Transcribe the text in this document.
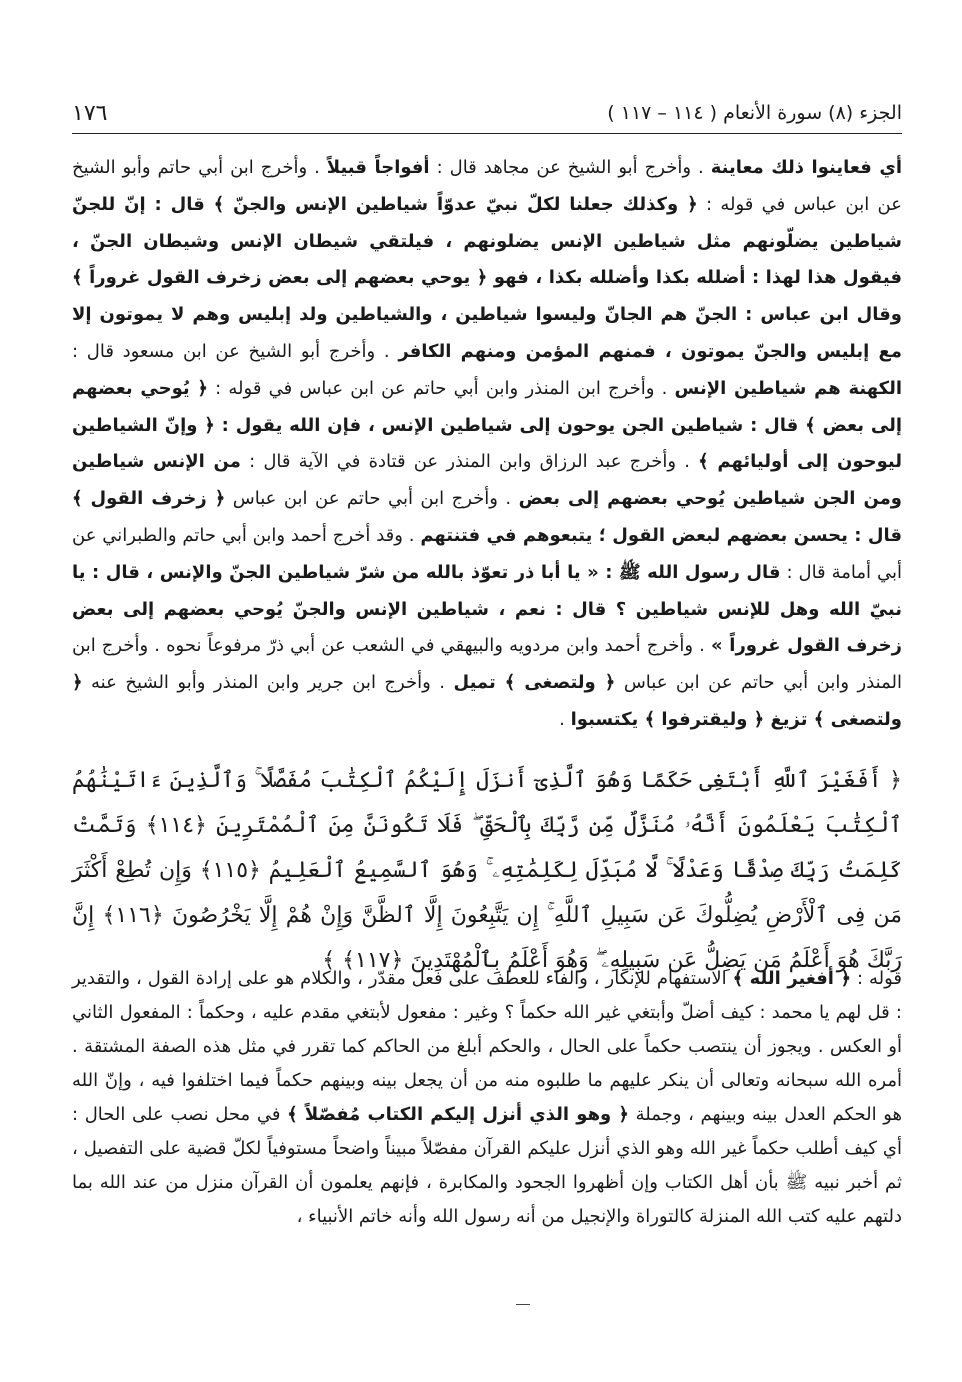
١٧٦	الجزء (٨) سورة الأنعام ( ١١٤ – ١١٧ )

أي فعاينوا ذلك معاينة . وأخرج أبو الشيخ عن مجاهد قال : أفواجاً قبيلاً . وأخرج ابن أبي حاتم وأبو الشيخ عن ابن عباس في قوله : ﴿ وكذلك جعلنا لكلّ نبيّ عدوّاً شياطين الإنس والجنّ ﴾ قال : إنّ للجنّ شياطين يضلّونهم مثل شياطين الإنس يضلونهم ، فيلتقي شيطان الإنس وشيطان الجنّ ، فيقول هذا لهذا : أضلله بكذا وأضلله بكذا ، فهو ﴿ يوحي بعضهم إلى بعض زخرف القول غروراً ﴾ وقال ابن عباس : الجنّ هم الجانّ وليسوا شياطين ، والشياطين ولد إبليس وهم لا يموتون إلا مع إبليس والجنّ يموتون ، فمنهم المؤمن ومنهم الكافر . وأخرج أبو الشيخ عن ابن مسعود قال : الكهنة هم شياطين الإنس . وأخرج ابن المنذر وابن أبي حاتم عن ابن عباس في قوله : ﴿ يُوحي بعضهم إلى بعض ﴾ قال : شياطين الجن يوحون إلى شياطين الإنس ، فإن الله يقول : ﴿ وإنّ الشياطين ليوحون إلى أوليائهم ﴾ . وأخرج عبد الرزاق وابن المنذر عن قتادة في الآية قال : من الإنس شياطين ومن الجن شياطين يُوحي بعضهم إلى بعض . وأخرج ابن أبي حاتم عن ابن عباس ﴿ زخرف القول ﴾ قال : يحسن بعضهم لبعض القول ؛ يتبعوهم في فتنتهم . وقد أخرج أحمد وابن أبي حاتم والطبراني عن أبي أمامة قال : قال رسول الله ﷺ : « يا أبا ذر تعوّذ بالله من شرّ شياطين الجنّ والإنس ، قال : يا نبيّ الله وهل للإنس شياطين ؟ قال : نعم ، شياطين الإنس والجنّ يُوحي بعضهم إلى بعض زخرف القول غروراً » . وأخرج أحمد وابن مردويه والبيهقي في الشعب عن أبي ذرّ مرفوعاً نحوه . وأخرج ابن المنذر وابن أبي حاتم عن ابن عباس ﴿ ولتصغى ﴾ تميل . وأخرج ابن جرير وابن المنذر وأبو الشيخ عنه ﴿ ولتصغى ﴾ تزيغ ﴿ وليقترفوا ﴾ يكتسبوا .

﴿ أَفَغَيْرَ ٱللَّهِ أَبْتَغِى حَكَمًا وَهُوَ ٱلَّذِىٓ أَنزَلَ إِلَيْكُمُ ٱلْكِتَٰبَ مُفَصَّلًا ۚ وَٱلَّذِينَ ءَاتَيْنَٰهُمُ ٱلْكِتَٰبَ يَعْلَمُونَ أَنَّهُۥ مُنَزَّلٌ مِّن رَّبِّكَ بِٱلْحَقِّ ۖ فَلَا تَكُونَنَّ مِنَ ٱلْمُمْتَرِينَ ﴿١١٤﴾ وَتَمَّتْ كَلِمَتُ رَبِّكَ صِدْقًا وَعَدْلًا ۚ لَّا مُبَدِّلَ لِكَلِمَٰتِهِۦ ۚ وَهُوَ ٱلسَّمِيعُ ٱلْعَلِيمُ ﴿١١٥﴾ وَإِن تُطِعْ أَكْثَرَ مَن فِى ٱلْأَرْضِ يُضِلُّوكَ عَن سَبِيلِ ٱللَّهِ ۚ إِن يَتَّبِعُونَ إِلَّا ٱلظَّنَّ وَإِنْ هُمْ إِلَّا يَخْرُصُونَ ﴿١١٦﴾ إِنَّ رَبَّكَ هُوَ أَعْلَمُ مَن يَضِلُّ عَن سَبِيلِهِۦ ۖ وَهُوَ أَعْلَمُ بِٱلْمُهْتَدِينَ ﴿١١٧﴾ ﴾

قوله : ﴿ أفغير الله ﴾ الاستفهام للإنكار ، والفاء للعطف على فعل مقدّر ، والكلام هو على إرادة القول ، والتقدير : قل لهم يا محمد : كيف أضلّ وأبتغي غير الله حكماً ؟ وغير : مفعول لأبتغي مقدم عليه ، وحكماً : المفعول الثاني أو العكس . ويجوز أن ينتصب حكماً على الحال ، والحكم أبلغ من الحاكم كما تقرر في مثل هذه الصفة المشتقة . أمره الله سبحانه وتعالى أن ينكر عليهم ما طلبوه منه من أن يجعل بينه وبينهم حكماً فيما اختلفوا فيه ، وإنّ الله هو الحكم العدل بينه وبينهم ، وجملة ﴿ وهو الذي أنزل إليكم الكتاب مُفصّلاً ﴾ في محل نصب على الحال : أي كيف أطلب حكماً غير الله وهو الذي أنزل عليكم القرآن مفصّلاً مبيناً واضحاً مستوفياً لكلّ قضية على التفصيل ، ثم أخبر نبيه ﷺ بأن أهل الكتاب وإن أظهروا الجحود والمكابرة ، فإنهم يعلمون أن القرآن منزل من عند الله بما دلتهم عليه كتب الله المنزلة كالتوراة والإنجيل من أنه رسول الله وأنه خاتم الأنبياء ،
